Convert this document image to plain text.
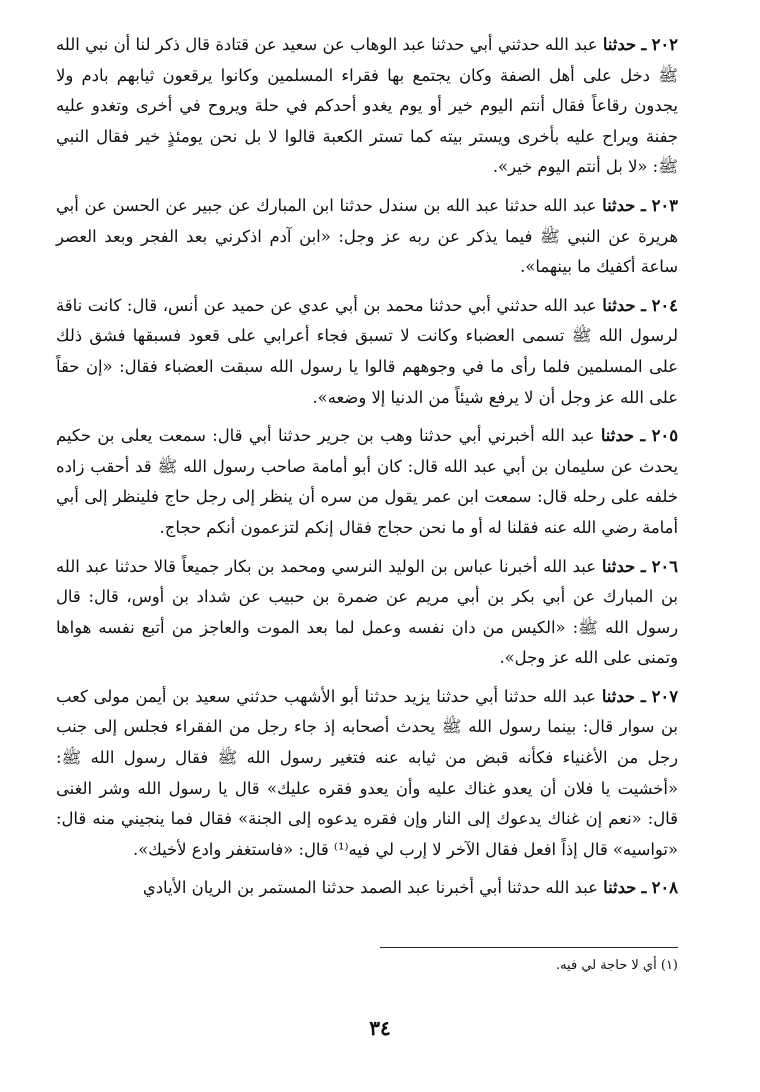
٢٠٢ ـ حدثنا عبد الله حدثني أبي حدثنا عبد الوهاب عن سعيد عن قتادة قال ذكر لنا أن نبي الله ﷺ دخل على أهل الصفة وكان يجتمع بها فقراء المسلمين وكانوا يرقعون ثيابهم بادم ولا يجدون رقاعاً فقال أنتم اليوم خير أو يوم يغدو أحدكم في حلة ويروح في أخرى وتغدو عليه جفنة ويراح عليه بأخرى ويستر بيته كما تستر الكعبة قالوا لا بل نحن يومئذٍ خير فقال النبي ﷺ: «لا بل أنتم اليوم خير».

٢٠٣ ـ حدثنا عبد الله حدثنا عبد الله بن سندل حدثنا ابن المبارك عن جبير عن الحسن عن أبي هريرة عن النبي ﷺ فيما يذكر عن ربه عز وجل: «ابن آدم اذكرني بعد الفجر وبعد العصر ساعة أكفيك ما بينهما».

٢٠٤ ـ حدثنا عبد الله حدثني أبي حدثنا محمد بن أبي عدي عن حميد عن أنس، قال: كانت ناقة لرسول الله ﷺ تسمى العضباء وكانت لا تسبق فجاء أعرابي على قعود فسبقها فشق ذلك على المسلمين فلما رأى ما في وجوههم قالوا يا رسول الله سبقت العضباء فقال: «إن حقاً على الله عز وجل أن لا يرفع شيئاً من الدنيا إلا وضعه».

٢٠٥ ـ حدثنا عبد الله أخبرني أبي حدثنا وهب بن جرير حدثنا أبي قال: سمعت يعلى بن حكيم يحدث عن سليمان بن أبي عبد الله قال: كان أبو أمامة صاحب رسول الله ﷺ قد أحقب زاده خلفه على رحله قال: سمعت ابن عمر يقول من سره أن ينظر إلى رجل حاج فلينظر إلى أبي أمامة رضي الله عنه فقلنا له أو ما نحن حجاج فقال إنكم لتزعمون أنكم حجاج.

٢٠٦ ـ حدثنا عبد الله أخبرنا عباس بن الوليد النرسي ومحمد بن بكار جميعاً قالا حدثنا عبد الله بن المبارك عن أبي بكر بن أبي مريم عن ضمرة بن حبيب عن شداد بن أوس، قال: قال رسول الله ﷺ: «الكيس من دان نفسه وعمل لما بعد الموت والعاجز من أتبع نفسه هواها وتمنى على الله عز وجل».

٢٠٧ ـ حدثنا عبد الله حدثنا أبي حدثنا يزيد حدثنا أبو الأشهب حدثني سعيد بن أيمن مولى كعب بن سوار قال: بينما رسول الله ﷺ يحدث أصحابه إذ جاء رجل من الفقراء فجلس إلى جنب رجل من الأغنياء فكأنه قبض من ثيابه عنه فتغير رسول الله ﷺ فقال رسول الله ﷺ: «أخشيت يا فلان أن يعدو غناك عليه وأن يعدو فقره عليك» قال يا رسول الله وشر الغنى قال: «نعم إن غناك يدعوك إلى النار وإن فقره يدعوه إلى الجنة» فقال فما ينجيني منه قال: «تواسيه» قال إذاً افعل فقال الآخر لا إرب لي فيه⁽¹⁾ قال: «فاستغفر وادع لأخيك».

٢٠٨ ـ حدثنا عبد الله حدثنا أبي أخبرنا عبد الصمد حدثنا المستمر بن الريان الأيادي

(١) أي لا حاجة لي فيه.
٣٤
